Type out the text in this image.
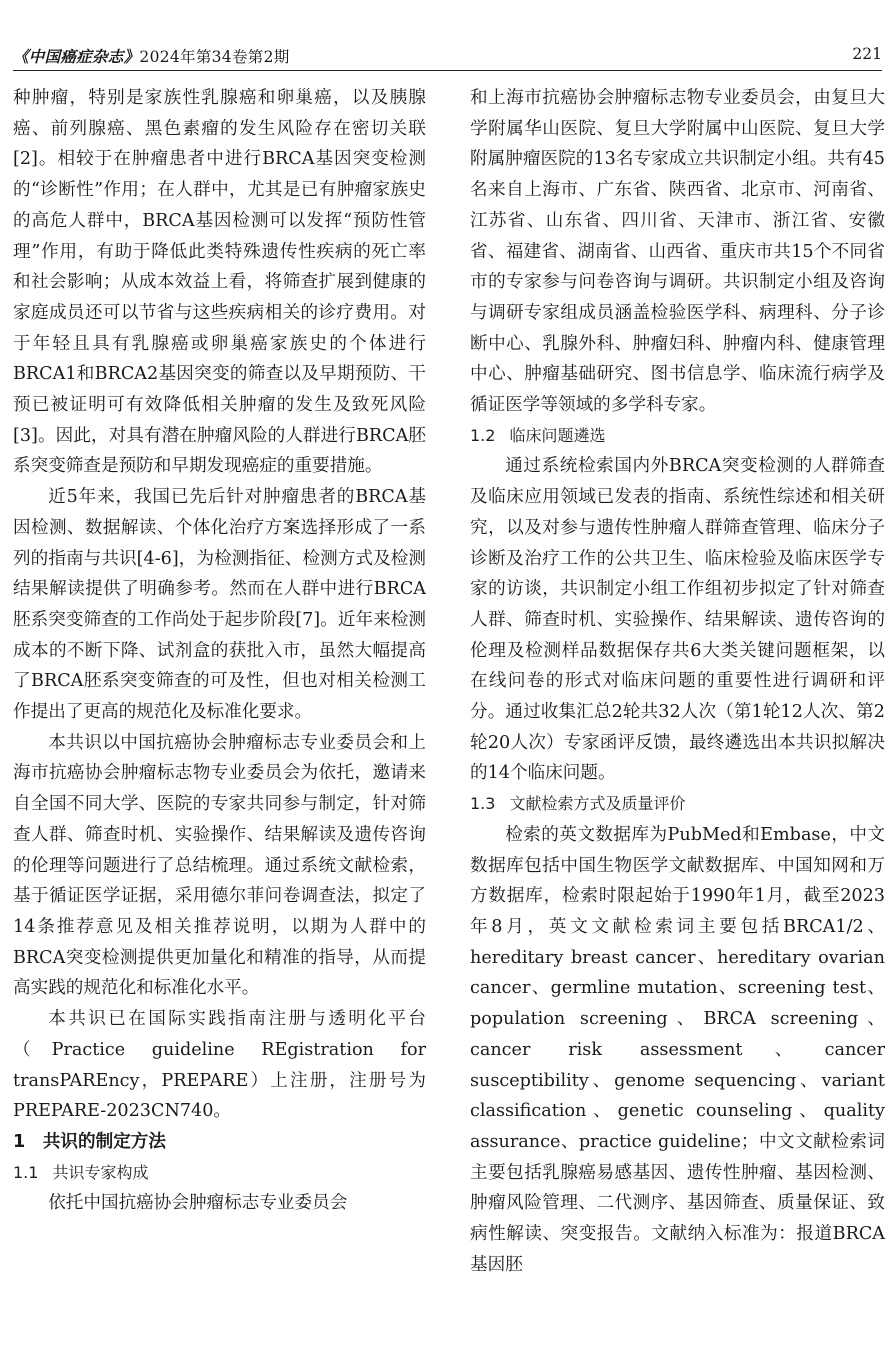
《中国癌症杂志》2024年第34卷第2期	221

种肿瘤，特别是家族性乳腺癌和卵巢癌，以及胰腺癌、前列腺癌、黑色素瘤的发生风险存在密切关联[2]。相较于在肿瘤患者中进行BRCA基因突变检测的“诊断性”作用；在人群中，尤其是已有肿瘤家族史的高危人群中，BRCA基因检测可以发挥“预防性管理”作用，有助于降低此类特殊遗传性疾病的死亡率和社会影响；从成本效益上看，将筛查扩展到健康的家庭成员还可以节省与这些疾病相关的诊疗费用。对于年轻且具有乳腺癌或卵巢癌家族史的个体进行BRCA1和BRCA2基因突变的筛查以及早期预防、干预已被证明可有效降低相关肿瘤的发生及致死风险[3]。因此，对具有潜在肿瘤风险的人群进行BRCA胚系突变筛查是预防和早期发现癌症的重要措施。

近5年来，我国已先后针对肿瘤患者的BRCA基因检测、数据解读、个体化治疗方案选择形成了一系列的指南与共识[4-6]，为检测指征、检测方式及检测结果解读提供了明确参考。然而在人群中进行BRCA胚系突变筛查的工作尚处于起步阶段[7]。近年来检测成本的不断下降、试剂盒的获批入市，虽然大幅提高了BRCA胚系突变筛查的可及性，但也对相关检测工作提出了更高的规范化及标准化要求。

本共识以中国抗癌协会肿瘤标志专业委员会和上海市抗癌协会肿瘤标志物专业委员会为依托，邀请来自全国不同大学、医院的专家共同参与制定，针对筛查人群、筛查时机、实验操作、结果解读及遗传咨询的伦理等问题进行了总结梳理。通过系统文献检索，基于循证医学证据，采用德尔菲问卷调查法，拟定了14条推荐意见及相关推荐说明，以期为人群中的BRCA突变检测提供更加量化和精准的指导，从而提高实践的规范化和标准化水平。

本共识已在国际实践指南注册与透明化平台（Practice guideline REgistration for transPAREncy，PREPARE）上注册，注册号为PREPARE-2023CN740。

1　共识的制定方法
1.1 共识专家构成

依托中国抗癌协会肿瘤标志专业委员会

和上海市抗癌协会肿瘤标志物专业委员会，由复旦大学附属华山医院、复旦大学附属中山医院、复旦大学附属肿瘤医院的13名专家成立共识制定小组。共有45名来自上海市、广东省、陕西省、北京市、河南省、江苏省、山东省、四川省、天津市、浙江省、安徽省、福建省、湖南省、山西省、重庆市共15个不同省市的专家参与问卷咨询与调研。共识制定小组及咨询与调研专家组成员涵盖检验医学科、病理科、分子诊断中心、乳腺外科、肿瘤妇科、肿瘤内科、健康管理中心、肿瘤基础研究、图书信息学、临床流行病学及循证医学等领域的多学科专家。

1.2 临床问题遴选

通过系统检索国内外BRCA突变检测的人群筛查及临床应用领域已发表的指南、系统性综述和相关研究，以及对参与遗传性肿瘤人群筛查管理、临床分子诊断及治疗工作的公共卫生、临床检验及临床医学专家的访谈，共识制定小组工作组初步拟定了针对筛查人群、筛查时机、实验操作、结果解读、遗传咨询的伦理及检测样品数据保存共6大类关键问题框架，以在线问卷的形式对临床问题的重要性进行调研和评分。通过收集汇总2轮共32人次（第1轮12人次、第2轮20人次）专家函评反馈，最终遴选出本共识拟解决的14个临床问题。

1.3 文献检索方式及质量评价

检索的英文数据库为PubMed和Embase，中文数据库包括中国生物医学文献数据库、中国知网和万方数据库，检索时限起始于1990年1月，截至2023年8月，英文文献检索词主要包括BRCA1/2、hereditary breast cancer、hereditary ovarian cancer、germline mutation、screening test、population screening、BRCA screening、cancer risk assessment、cancer susceptibility、genome sequencing、variant classification、genetic counseling、quality assurance、practice guideline；中文文献检索词主要包括乳腺癌易感基因、遗传性肿瘤、基因检测、肿瘤风险管理、二代测序、基因筛查、质量保证、致病性解读、突变报告。文献纳入标准为：报道BRCA基因胚
